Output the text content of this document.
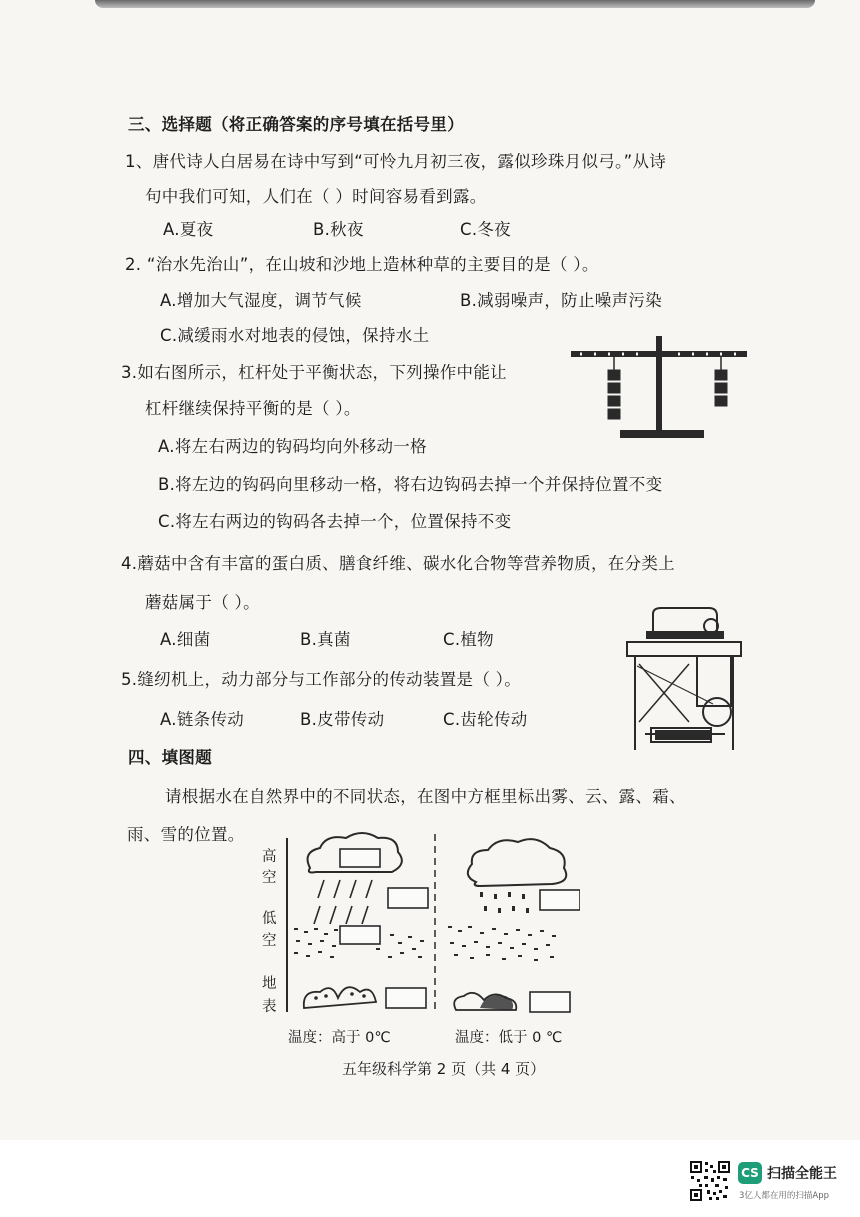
三、选择题（将正确答案的序号填在括号里）
1、唐代诗人白居易在诗中写到“可怜九月初三夜，露似珍珠月似弓。”从诗
句中我们可知，人们在（ ）时间容易看到露。
A.夏夜	B.秋夜	C.冬夜
2. “治水先治山”，在山坡和沙地上造林种草的主要目的是（ ）。
A.增加大气湿度，调节气候	B.减弱噪声，防止噪声污染
C.减缓雨水对地表的侵蚀，保持水土
3.如右图所示，杠杆处于平衡状态，下列操作中能让
杠杆继续保持平衡的是（ ）。
A.将左右两边的钩码均向外移动一格
B.将左边的钩码向里移动一格，将右边钩码去掉一个并保持位置不变
C.将左右两边的钩码各去掉一个，位置保持不变
4.蘑菇中含有丰富的蛋白质、膳食纤维、碳水化合物等营养物质，在分类上
蘑菇属于（ ）。
A.细菌	B.真菌	C.植物
5.缝纫机上，动力部分与工作部分的传动装置是（ ）。
A.链条传动	B.皮带传动	C.齿轮传动
四、填图题
请根据水在自然界中的不同状态，在图中方框里标出雾、云、露、霜、
雨、雪的位置。
高
空
低
空
地
表
温度：高于 0℃	温度：低于 0 ℃
五年级科学第 2 页（共 4 页）
CS 扫描全能王
3亿人都在用的扫描App
